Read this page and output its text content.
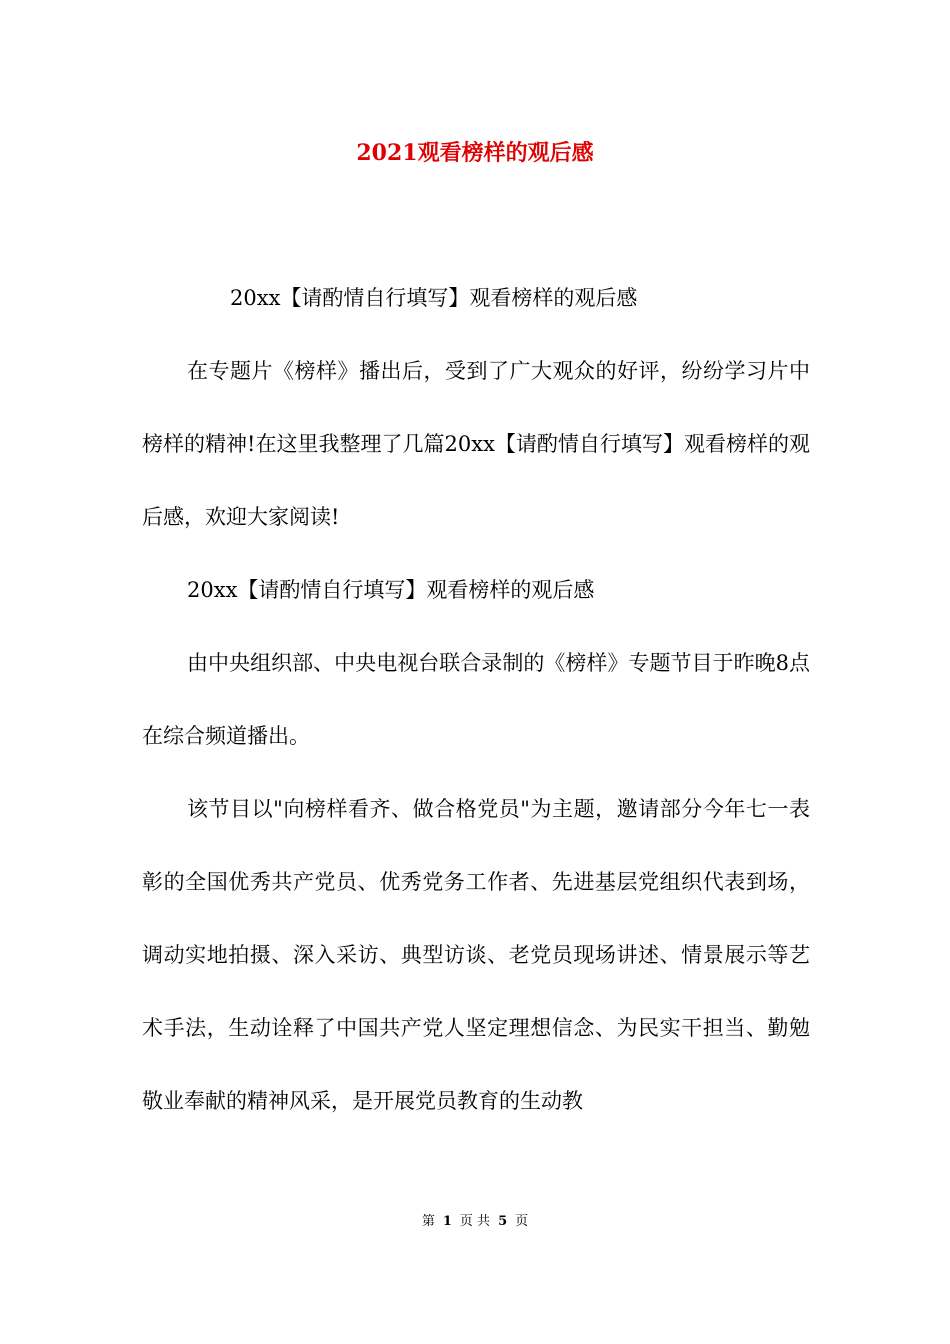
2021观看榜样的观后感

20xx【请酌情自行填写】观看榜样的观后感

在专题片《榜样》播出后，受到了广大观众的好评，纷纷学习片中榜样的精神!在这里我整理了几篇20xx【请酌情自行填写】观看榜样的观后感，欢迎大家阅读!

20xx【请酌情自行填写】观看榜样的观后感

由中央组织部、中央电视台联合录制的《榜样》专题节目于昨晚8点在综合频道播出。

该节目以"向榜样看齐、做合格党员"为主题，邀请部分今年七一表彰的全国优秀共产党员、优秀党务工作者、先进基层党组织代表到场，调动实地拍摄、深入采访、典型访谈、老党员现场讲述、情景展示等艺术手法，生动诠释了中国共产党人坚定理想信念、为民实干担当、勤勉敬业奉献的精神风采，是开展党员教育的生动教

第 1 页 共 5 页
